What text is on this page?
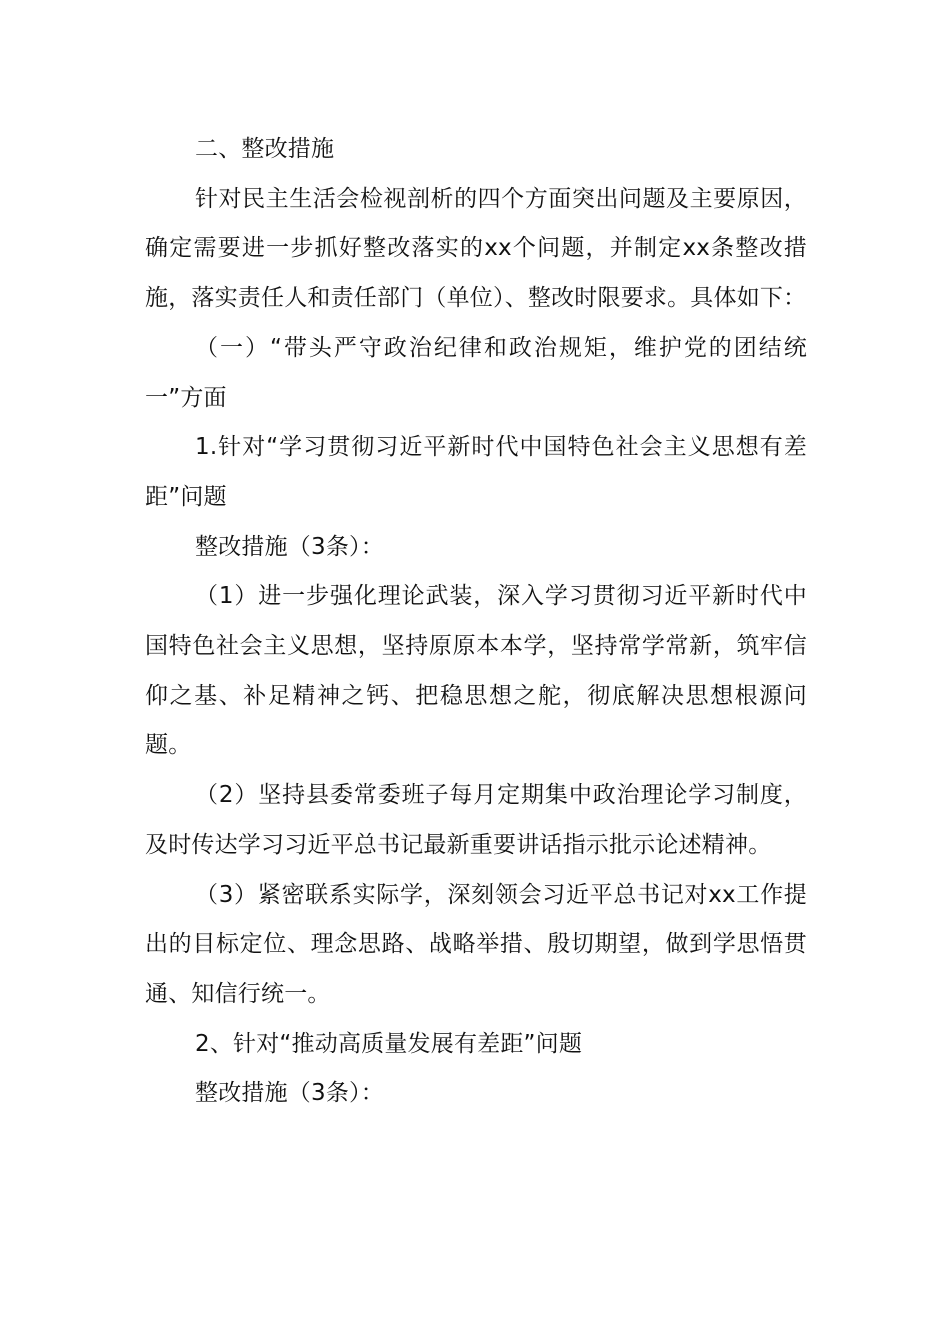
二、整改措施

针对民主生活会检视剖析的四个方面突出问题及主要原因，确定需要进一步抓好整改落实的xx个问题，并制定xx条整改措施，落实责任人和责任部门（单位）、整改时限要求。具体如下：

（一）“带头严守政治纪律和政治规矩，维护党的团结统一”方面

1.针对“学习贯彻习近平新时代中国特色社会主义思想有差距”问题

整改措施（3条）：

（1）进一步强化理论武装，深入学习贯彻习近平新时代中国特色社会主义思想，坚持原原本本学，坚持常学常新，筑牢信仰之基、补足精神之钙、把稳思想之舵，彻底解决思想根源问题。

（2）坚持县委常委班子每月定期集中政治理论学习制度，及时传达学习习近平总书记最新重要讲话指示批示论述精神。

（3）紧密联系实际学，深刻领会习近平总书记对xx工作提出的目标定位、理念思路、战略举措、殷切期望，做到学思悟贯通、知信行统一。

2、针对“推动高质量发展有差距”问题

整改措施（3条）：
